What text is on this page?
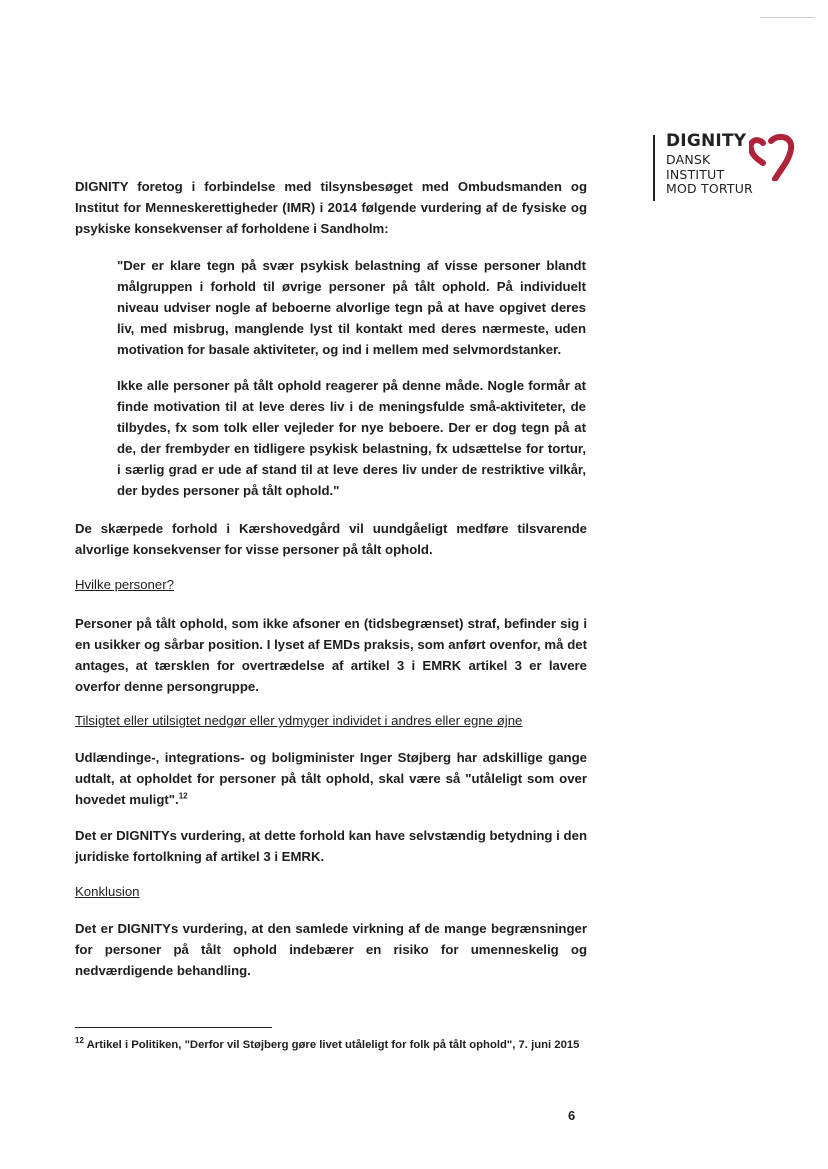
DIGNITY
DANSK
INSTITUT
MOD TORTUR

DIGNITY foretog i forbindelse med tilsynsbesøget med Ombudsmanden og Institut for Menneskerettigheder (IMR) i 2014 følgende vurdering af de fysiske og psykiske konsekvenser af forholdene i Sandholm:

"Der er klare tegn på svær psykisk belastning af visse personer blandt målgruppen i forhold til øvrige personer på tålt ophold. På individuelt niveau udviser nogle af beboerne alvorlige tegn på at have opgivet deres liv, med misbrug, manglende lyst til kontakt med deres nærmeste, uden motivation for basale aktiviteter, og ind i mellem med selvmordstanker.

Ikke alle personer på tålt ophold reagerer på denne måde. Nogle formår at finde motivation til at leve deres liv i de meningsfulde små-aktiviteter, de tilbydes, fx som tolk eller vejleder for nye beboere. Der er dog tegn på at de, der frembyder en tidligere psykisk belastning, fx udsættelse for tortur, i særlig grad er ude af stand til at leve deres liv under de restriktive vilkår, der bydes personer på tålt ophold."

De skærpede forhold i Kærshovedgård vil uundgåeligt medføre tilsvarende alvorlige konsekvenser for visse personer på tålt ophold.

Hvilke personer?

Personer på tålt ophold, som ikke afsoner en (tidsbegrænset) straf, befinder sig i en usikker og sårbar position. I lyset af EMDs praksis, som anført ovenfor, må det antages, at tærsklen for overtrædelse af artikel 3 i EMRK artikel 3 er lavere overfor denne persongruppe.

Tilsigtet eller utilsigtet nedgør eller ydmyger individet i andres eller egne øjne

Udlændinge-, integrations- og boligminister Inger Støjberg har adskillige gange udtalt, at opholdet for personer på tålt ophold, skal være så "utåleligt som over hovedet muligt".$^{12}$

Det er DIGNITYs vurdering, at dette forhold kan have selvstændig betydning i den juridiske fortolkning af artikel 3 i EMRK.

Konklusion

Det er DIGNITYs vurdering, at den samlede virkning af de mange begrænsninger for personer på tålt ophold indebærer en risiko for umenneskelig og nedværdigende behandling.

$^{12}$ Artikel i Politiken, "Derfor vil Støjberg gøre livet utåleligt for folk på tålt ophold", 7. juni 2015

6
